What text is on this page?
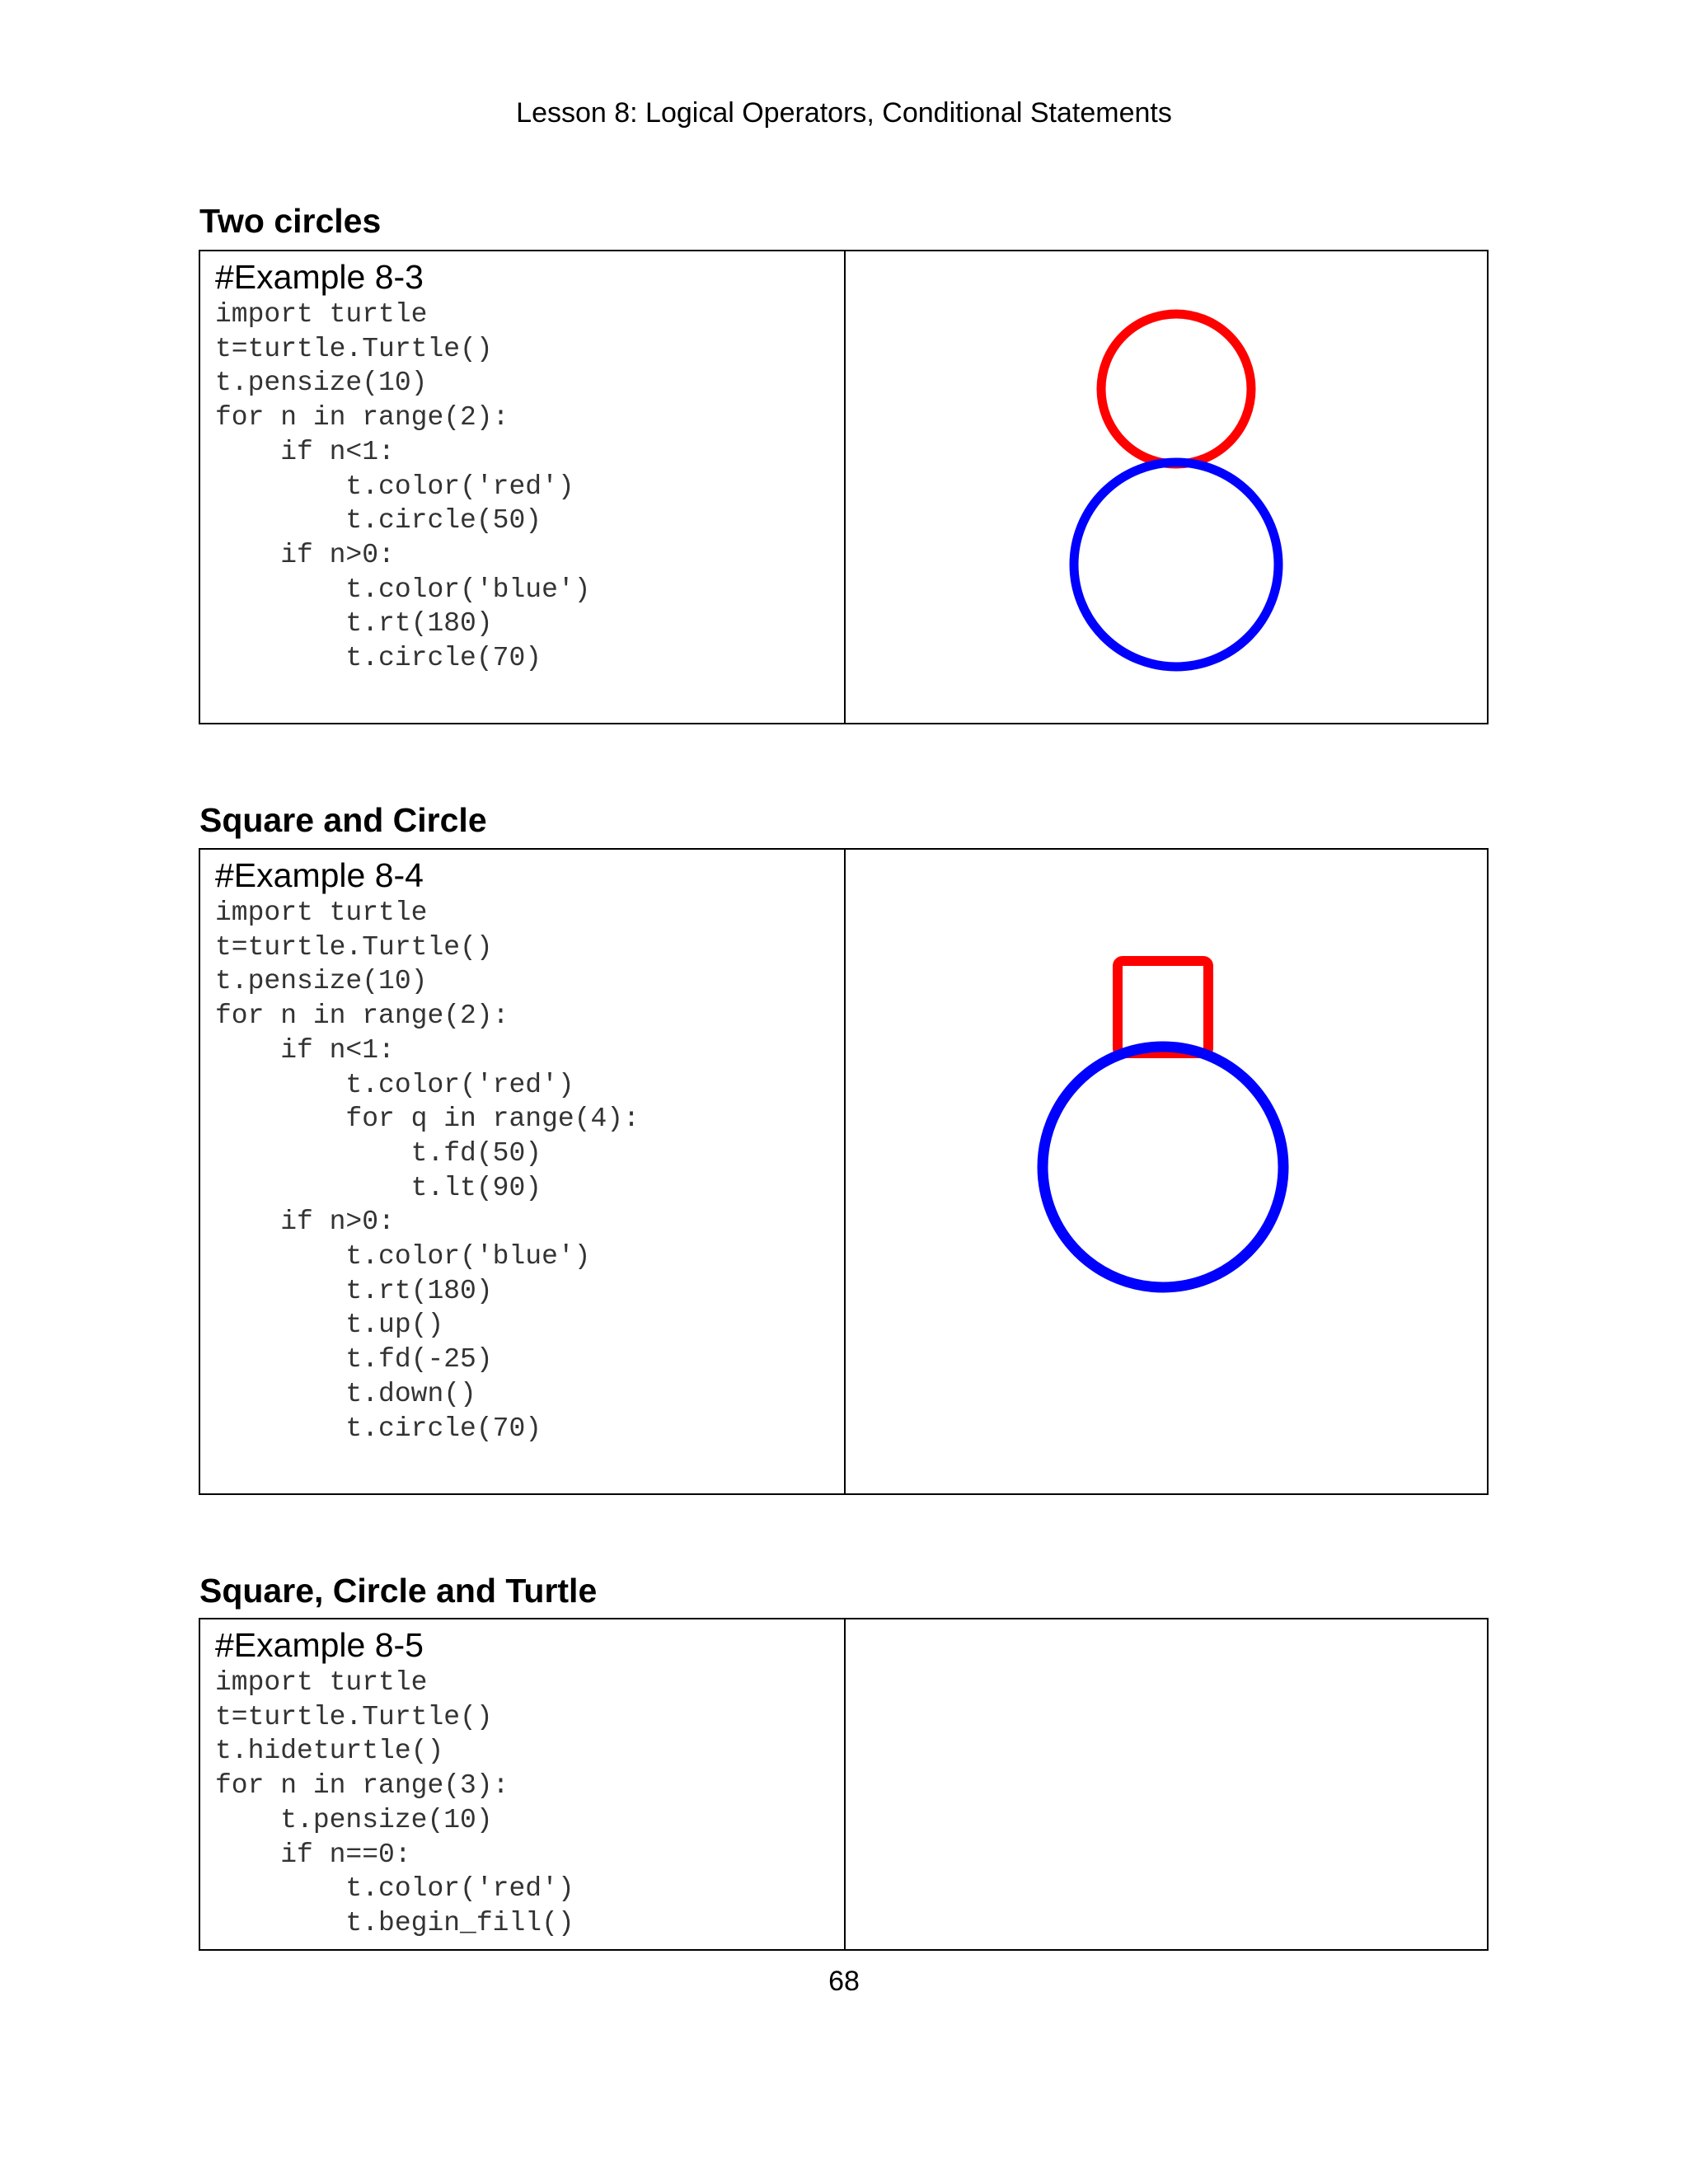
Lesson 8: Logical Operators, Conditional Statements
Two circles
#Example 8-3
import turtle
t=turtle.Turtle()
t.pensize(10)
for n in range(2):
if n<1:
t.color('red')
t.circle(50)
if n>0:
t.color('blue')
t.rt(180)
t.circle(70)
Square and Circle
#Example 8-4
import turtle
t=turtle.Turtle()
t.pensize(10)
for n in range(2):
if n<1:
t.color('red')
for q in range(4):
t.fd(50)
t.lt(90)
if n>0:
t.color('blue')
t.rt(180)
t.up()
t.fd(-25)
t.down()
t.circle(70)
Square, Circle and Turtle
#Example 8-5
import turtle
t=turtle.Turtle()
t.hideturtle()
for n in range(3):
t.pensize(10)
if n==0:
t.color('red')
t.begin_fill()
68
